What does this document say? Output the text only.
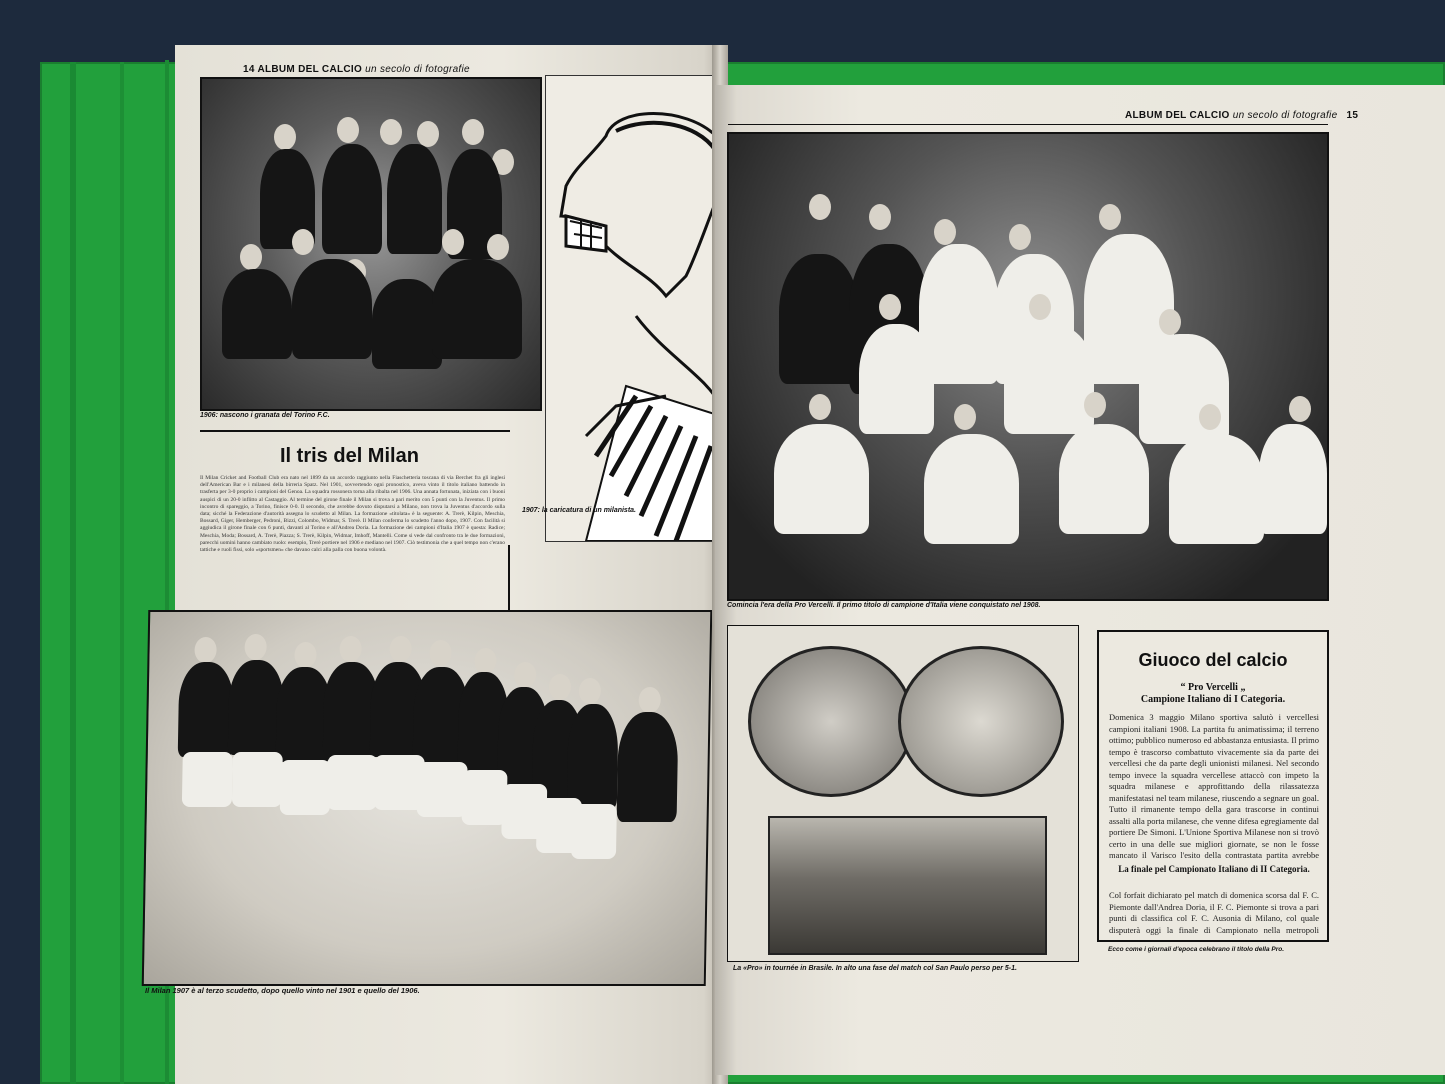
14 ALBUM DEL CALCIO un secolo di fotografie
1906: nascono i granata del Torino F.C.
1907: la caricatura di un milanista.
Il tris del Milan
Il Milan Cricket and Football Club era nato nel 1899 da un accordo raggiunto nella Fiaschetteria toscana di via Berchet fra gli inglesi dell'American Bar e i milanesi della birreria Spatz. Nel 1901, sovvertendo ogni pronostico, aveva vinto il titolo italiano battendo in trasferta per 3-0 proprio i campioni del Genoa. La squadra rossonera torna alla ribalta nel 1906. Una annata fortunata, iniziata con i buoni auspici di un 20-0 inflitto al Castaggio. Al termine del girone finale il Milan si trova a pari merito con 5 punti con la Juventus. Il primo incontro di spareggio, a Torino, finisce 0-0. Il secondo, che avrebbe dovuto disputarsi a Milano, non trova la Juventus d'accordo sulla data; sicché la Federazione d'autorità assegna lo scudetto al Milan. La formazione «titolata» è la seguente: A. Trerè, Kilpin, Meschia, Bossard, Giger, Hemberger, Pedroni, Bizzi, Colombo, Widmar, S. Trerè. Il Milan conferma lo scudetto l'anno dopo, 1907. Con facilità si aggiudica il girone finale con 6 punti, davanti al Torino e all'Andrea Doria. La formazione dei campioni d'Italia 1907 è questa: Radice; Meschia, Moda; Bossard, A. Trerè, Piazza; S. Trerè, Kilpin, Widmar, Imhoff, Mantelli. Come si vede dal confronto tra le due formazioni, parecchi uomini hanno cambiato ruolo: esempio, Trerè portiere nel 1906 e mediano nel 1907. Ciò testimonia che a quel tempo non c'erano tattiche e ruoli fissi, solo «sportsmen» che davano calci alla palla con buona volontà.
Il Milan 1907 è al terzo scudetto, dopo quello vinto nel 1901 e quello del 1906.
ALBUM DEL CALCIO un secolo di fotografie 15
Comincia l'era della Pro Vercelli. Il primo titolo di campione d'Italia viene conquistato nel 1908.
La «Pro» in tournée in Brasile. In alto una fase del match col San Paulo perso per 5-1.
Giuoco del calcio
“ Pro Vercelli „
Campione Italiano di I Categoria.
Domenica 3 maggio Milano sportiva salutò i vercellesi campioni italiani 1908. La partita fu animatissima; il terreno ottimo; pubblico numeroso ed abbastanza entusiasta. Il primo tempo è trascorso combattuto vivacemente sia da parte dei vercellesi che da parte degli unionisti milanesi. Nel secondo tempo invece la squadra vercellese attaccò con impeto la squadra milanese e approfittando della rilassatezza manifestatasi nel team milanese, riuscendo a segnare un goal. Tutto il rimanente tempo della gara trascorse in continui assalti alla porta milanese, che venne difesa egregiamente dal portiere De Simoni. L'Unione Sportiva Milanese non si trovò certo in una delle sue migliori giornate, se non le fosse mancato il Varisco l'esito della contrastata partita avrebbe
La finale pel Campionato Italiano di II Categoria.
Col forfait dichiarato pel match di domenica scorsa dal F. C. Piemonte dall'Andrea Doria, il F. C. Piemonte si trova a pari punti di classifica col F. C. Ausonia di Milano, col quale disputerà oggi la finale di Campionato nella metropoli
Ecco come i giornali d'epoca celebrano il titolo della Pro.
